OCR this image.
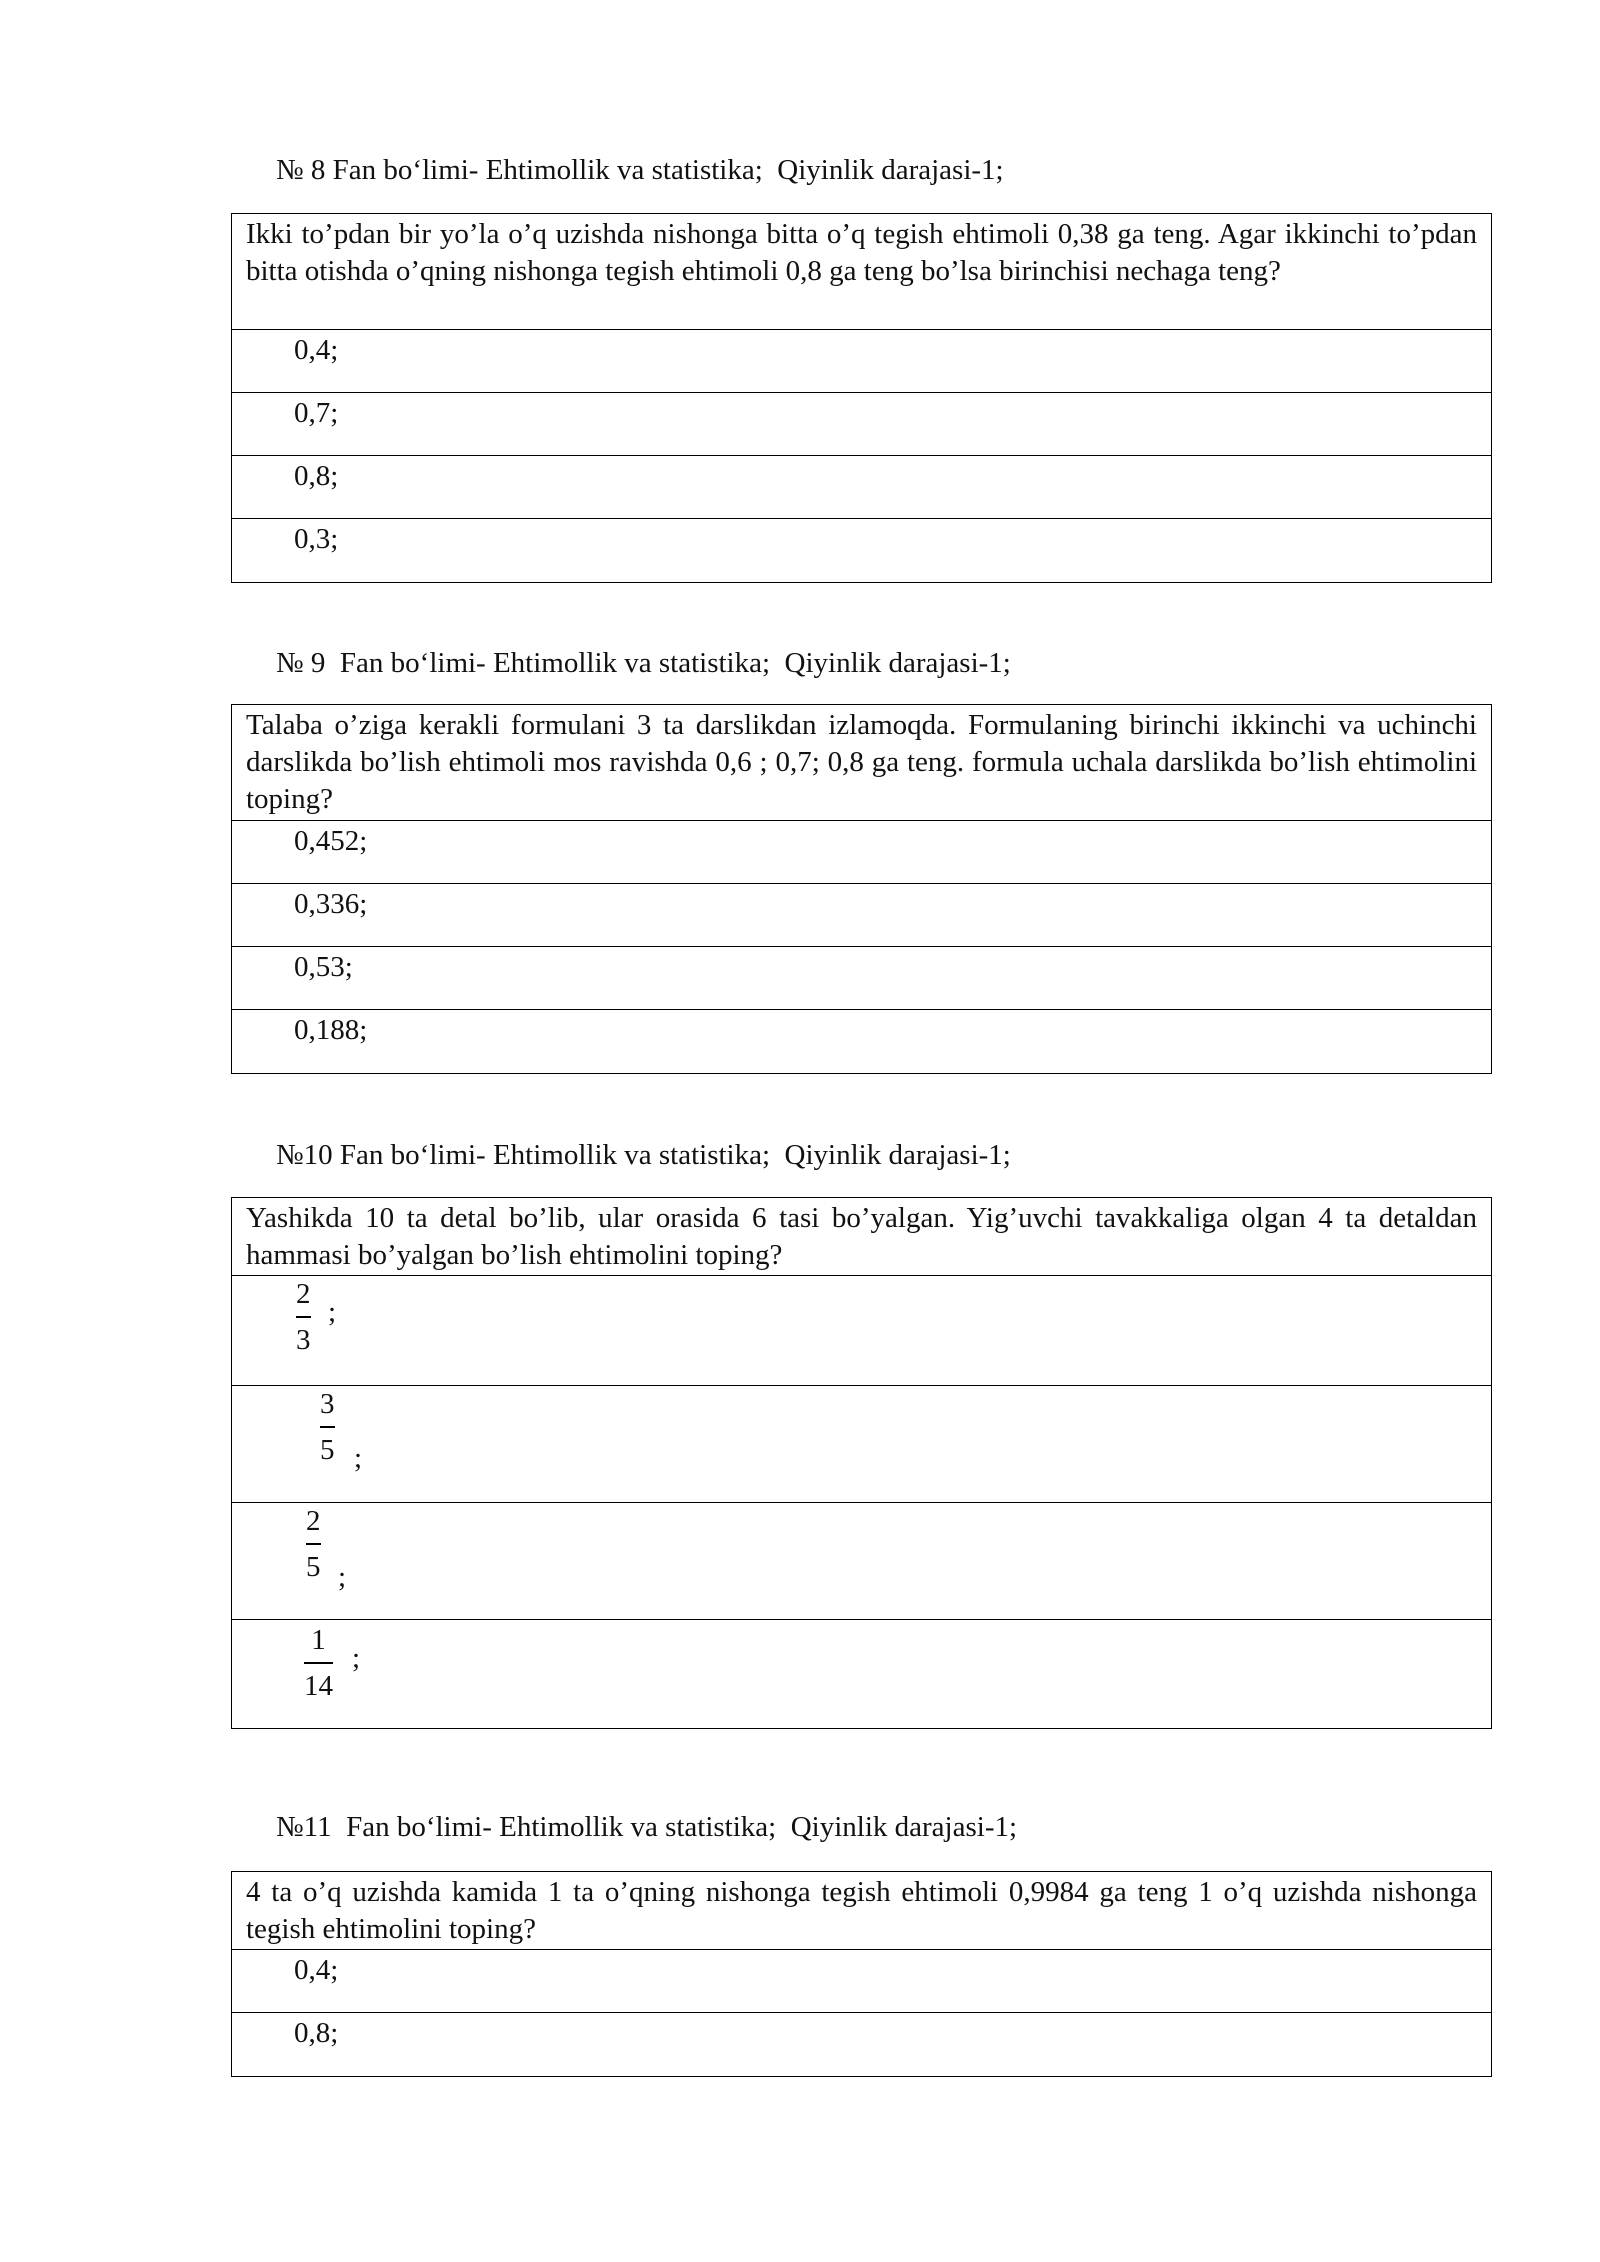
№ 8 Fan bo‘limi- Ehtimollik va statistika;  Qiyinlik darajasi-1;
Ikki to’pdan bir yo’la o’q uzishda nishonga bitta o’q tegish ehtimoli 0,38 ga teng. Agar ikkinchi to’pdan bitta otishda o’qning nishonga tegish ehtimoli 0,8 ga teng bo’lsa birinchisi nechaga teng?
0,4;
0,7;
0,8;
0,3;
№ 9  Fan bo‘limi- Ehtimollik va statistika;  Qiyinlik darajasi-1;
Talaba o’ziga kerakli formulani 3 ta darslikdan izlamoqda. Formulaning birinchi ikkinchi va uchinchi darslikda bo’lish ehtimoli mos ravishda 0,6 ; 0,7; 0,8 ga teng. formula uchala darslikda bo’lish ehtimolini toping?
0,452;
0,336;
0,53;
0,188;
№10 Fan bo‘limi- Ehtimollik va statistika;  Qiyinlik darajasi-1;
Yashikda 10 ta detal bo’lib, ular orasida 6 tasi bo’yalgan. Yig’uvchi tavakkaliga olgan 4 ta detaldan hammasi bo’yalgan bo’lish ehtimolini toping?
2
3
;
3
5 ;
2
5 ;
1
14
;
№11  Fan bo‘limi- Ehtimollik va statistika;  Qiyinlik darajasi-1;
4 ta o’q uzishda kamida 1 ta o’qning nishonga tegish ehtimoli 0,9984 ga teng 1 o’q uzishda nishonga tegish ehtimolini toping?
0,4;
0,8;
